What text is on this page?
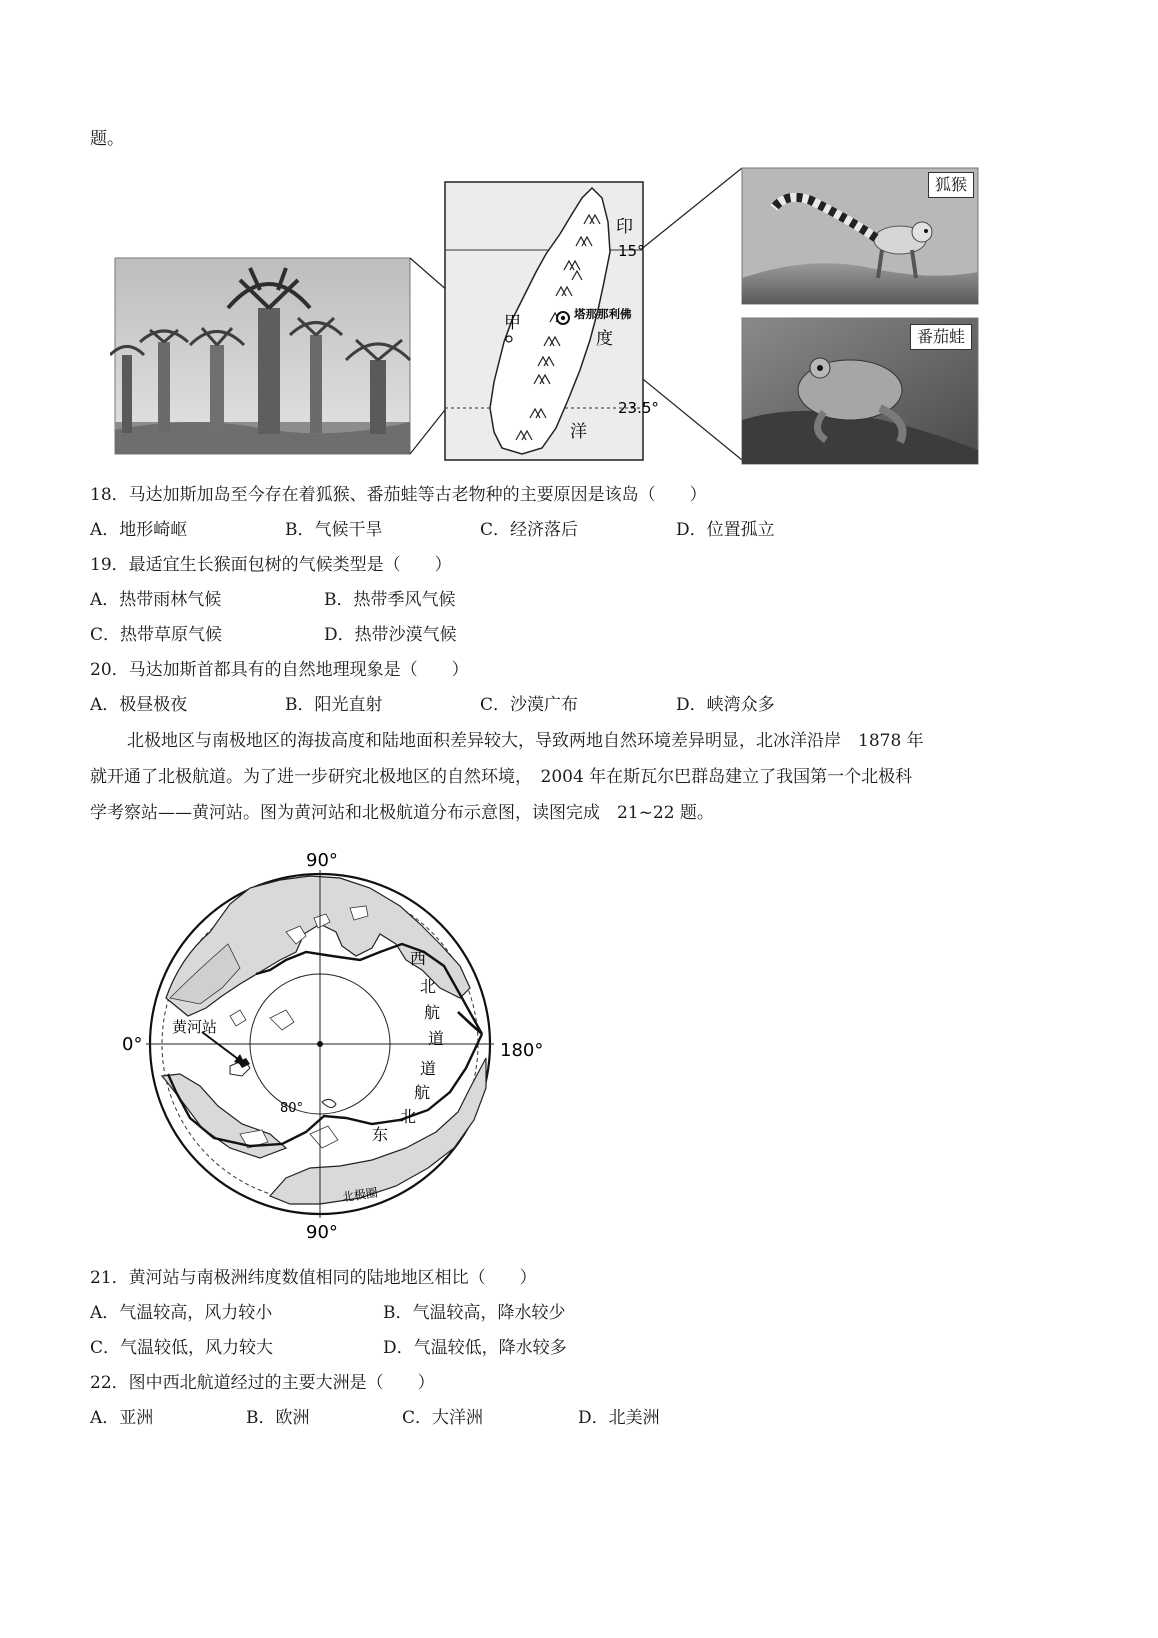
题。
印
15°
甲	塔那那利佛
度
23.5°
洋
狐猴
番茄蛙
18．马达加斯加岛至今存在着狐猴、番茄蛙等古老物种的主要原因是该岛（　　）
A．地形崎岖	B．气候干旱	C．经济落后	D．位置孤立
19．最适宜生长猴面包树的气候类型是（　　）
A．热带雨林气候	B．热带季风气候
C．热带草原气候	D．热带沙漠气候
20．马达加斯首都具有的自然地理现象是（　　）
A．极昼极夜	B．阳光直射	C．沙漠广布	D．峡湾众多
北极地区与南极地区的海拔高度和陆地面积差异较大，导致两地自然环境差异明显，北冰洋沿岸　1878 年
就开通了北极航道。为了进一步研究北极地区的自然环境，　2004 年在斯瓦尔巴群岛建立了我国第一个北极科
学考察站——黄河站。图为黄河站和北极航道分布示意图，读图完成　21~22 题。
90°
90°
0°	180°
80°
黄河站
北极圈
西
北
航
道
道
航
北
东
21．黄河站与南极洲纬度数值相同的陆地地区相比（　　）
A．气温较高，风力较小	B．气温较高，降水较少
C．气温较低，风力较大	D．气温较低，降水较多
22．图中西北航道经过的主要大洲是（　　）
A．亚洲	B．欧洲	C．大洋洲	D．北美洲
